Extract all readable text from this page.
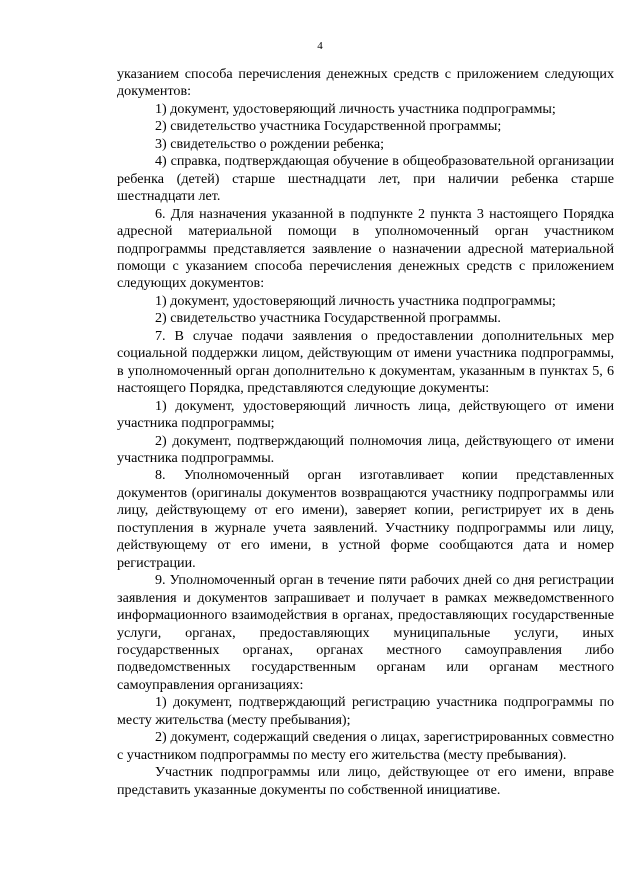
4

указанием способа перечисления денежных средств с приложением следующих документов:

1) документ, удостоверяющий личность участника подпрограммы;

2) свидетельство участника Государственной программы;

3) свидетельство о рождении ребенка;

4) справка, подтверждающая обучение в общеобразовательной организации ребенка (детей) старше шестнадцати лет, при наличии ребенка старше шестнадцати лет.

6. Для назначения указанной в подпункте 2 пункта 3 настоящего Порядка адресной материальной помощи в уполномоченный орган участником подпрограммы представляется заявление о назначении адресной материальной помощи с указанием способа перечисления денежных средств с приложением следующих документов:

1) документ, удостоверяющий личность участника подпрограммы;

2) свидетельство участника Государственной программы.

7. В случае подачи заявления о предоставлении дополнительных мер социальной поддержки лицом, действующим от имени участника подпрограммы, в уполномоченный орган дополнительно к документам, указанным в пунктах 5, 6 настоящего Порядка, представляются следующие документы:

1) документ, удостоверяющий личность лица, действующего от имени участника подпрограммы;

2) документ, подтверждающий полномочия лица, действующего от имени участника подпрограммы.

8. Уполномоченный орган изготавливает копии представленных документов (оригиналы документов возвращаются участнику подпрограммы или лицу, действующему от его имени), заверяет копии, регистрирует их в день поступления в журнале учета заявлений. Участнику подпрограммы или лицу, действующему от его имени, в устной форме сообщаются дата и номер регистрации.

9. Уполномоченный орган в течение пяти рабочих дней со дня регистрации заявления и документов запрашивает и получает в рамках межведомственного информационного взаимодействия в органах, предоставляющих государственные услуги, органах, предоставляющих муниципальные услуги, иных государственных органах, органах местного самоуправления либо подведомственных государственным органам или органам местного самоуправления организациях:

1) документ, подтверждающий регистрацию участника подпрограммы по месту жительства (месту пребывания);

2) документ, содержащий сведения о лицах, зарегистрированных совместно с участником подпрограммы по месту его жительства (месту пребывания).

Участник подпрограммы или лицо, действующее от его имени, вправе представить указанные документы по собственной инициативе.
